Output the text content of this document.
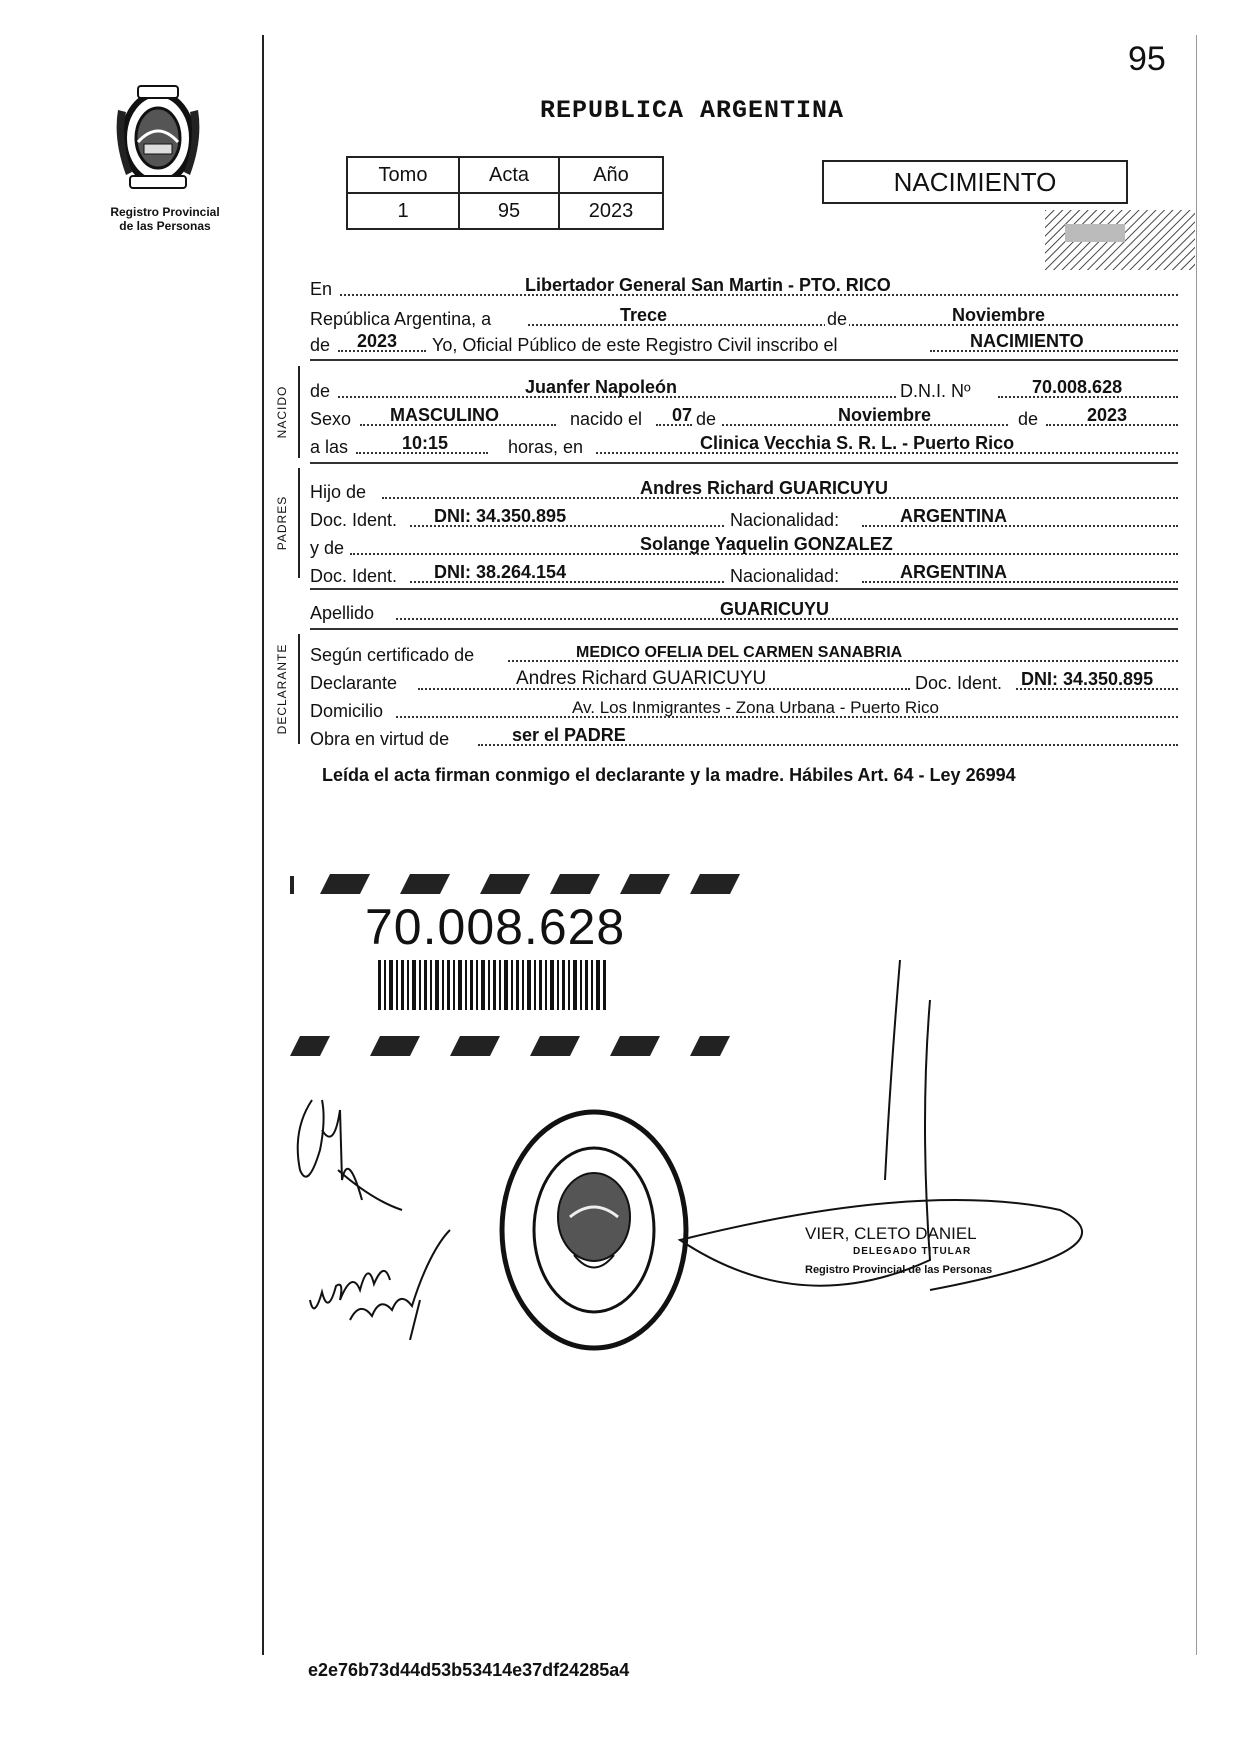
95
REPUBLICA ARGENTINA
Registro Provincial
de las Personas
Tomo	Acta	Año
1	95	2023
NACIMIENTO
En	Libertador General San Martin - PTO. RICO
República Argentina, a	Trece	de	Noviembre
de 2023 Yo, Oficial Público de este Registro Civil inscribo el	NACIMIENTO
NACIDO de	Juanfer Napoleón	D.N.I. Nº	70.008.628
Sexo MASCULINO	nacido el 07 de	Noviembre	de	2023
a las	10:15	horas, en	Clinica Vecchia S. R. L. - Puerto Rico
PADRES
Hijo de	Andres Richard GUARICUYU
Doc. Ident. DNI: 34.350.895	Nacionalidad:	ARGENTINA
y de	Solange Yaquelin GONZALEZ
Doc. Ident. DNI: 38.264.154	Nacionalidad:	ARGENTINA
Apellido	GUARICUYU
DECLARANTE Según certificado de	MEDICO OFELIA DEL CARMEN SANABRIA
Declarante	Andres Richard GUARICUYU	Doc. Ident. DNI: 34.350.895
Domicilio	Av. Los Inmigrantes - Zona Urbana - Puerto Rico
Obra en virtud de	ser el PADRE
Leída el acta firman conmigo el declarante y la madre. Hábiles Art. 64 - Ley 26994
70.008.628
VIER, CLETO DANIEL
DELEGADO TITULAR
Registro Provincial de las Personas
e2e76b73d44d53b53414e37df24285a4
